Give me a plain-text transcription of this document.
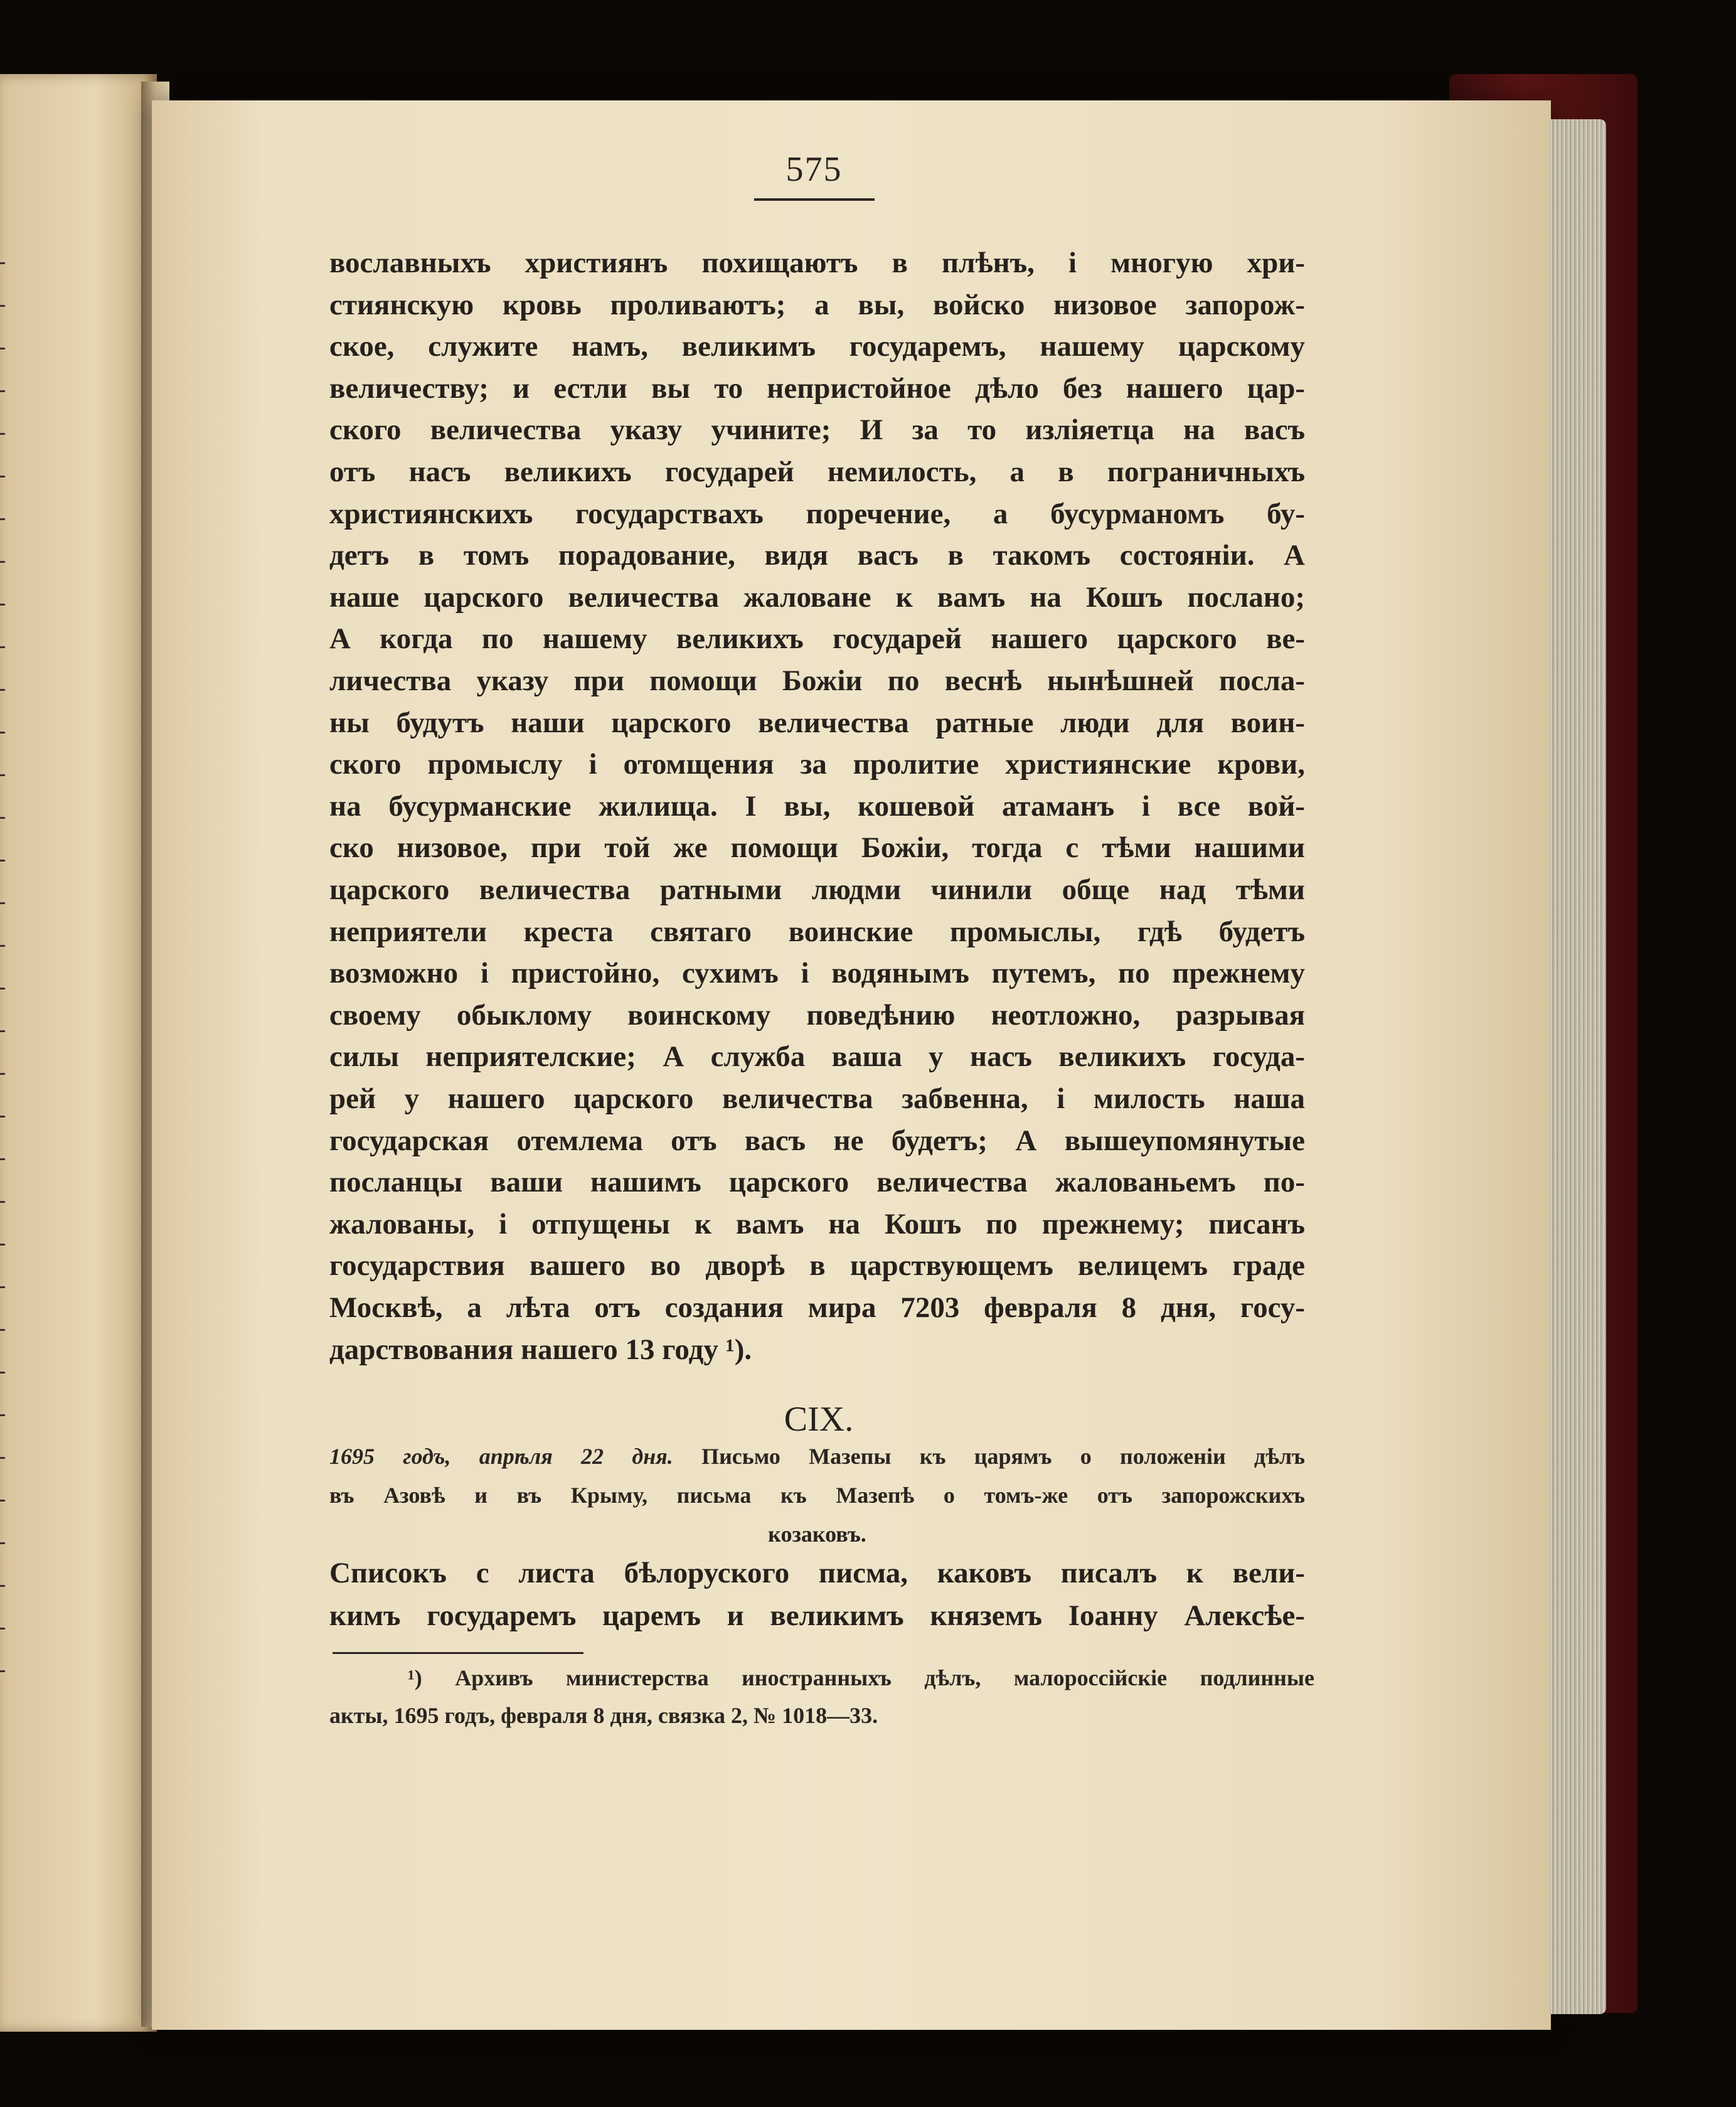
575
вославныхъ християнъ похищаютъ в плѣнъ, і многую хри-
стиянскую кровь проливаютъ; а вы, войско низовое запорож-
ское, служите намъ, великимъ государемъ, нашему царскому
величеству; и естли вы то непристойное дѣло без нашего цар-
ского величества указу учините; И за то изліяетца на васъ
отъ насъ великихъ государей немилость, а в пограничныхъ
християнскихъ государствахъ поречение, а бусурманомъ бу-
детъ в томъ порадование, видя васъ в такомъ состояніи. А
наше царского величества жаловане к вамъ на Кошъ послано;
А когда по нашему великихъ государей нашего царского ве-
личества указу при помощи Божіи по веснѣ нынѣшней посла-
ны будутъ наши царского величества ратные люди для воин-
ского промыслу і отомщения за пролитие християнские крови,
на бусурманские жилища. І вы, кошевой атаманъ і все вой-
ско низовое, при той же помощи Божіи, тогда с тѣми нашими
царского величества ратными людми чинили обще над тѣми
неприятели креста святаго воинские промыслы, гдѣ будетъ
возможно і пристойно, сухимъ і водянымъ путемъ, по прежнему
своему обыклому воинскому поведѣнию неотложно, разрывая
силы неприятелские; А служба ваша у насъ великихъ госуда-
рей у нашего царского величества забвенна, і милость наша
государская отемлема отъ васъ не будетъ; А вышеупомянутые
посланцы ваши нашимъ царского величества жалованьемъ по-
жалованы, і отпущены к вамъ на Кошъ по прежнему; писанъ
государствия вашего во дворѣ в царствующемъ велицемъ граде
Москвѣ, а лѣта отъ создания мира 7203 февраля 8 дня, госу-
дарствования нашего 13 году ¹).
CIX.
1695 годъ, апрѣля 22 дня. Письмо Мазепы къ царямъ о положеніи дѣлъ
въ Азовѣ и въ Крыму, письма къ Мазепѣ о томъ-же отъ запорожскихъ
козаковъ.
Списокъ с листа бѣлоруского писма, каковъ писалъ к вели-
кимъ государемъ царемъ и великимъ княземъ Іоанну Алексѣе-
¹) Архивъ министерства иностранныхъ дѣлъ, малороссійскіе подлинные
акты, 1695 годъ, февраля 8 дня, связка 2, № 1018—33.
